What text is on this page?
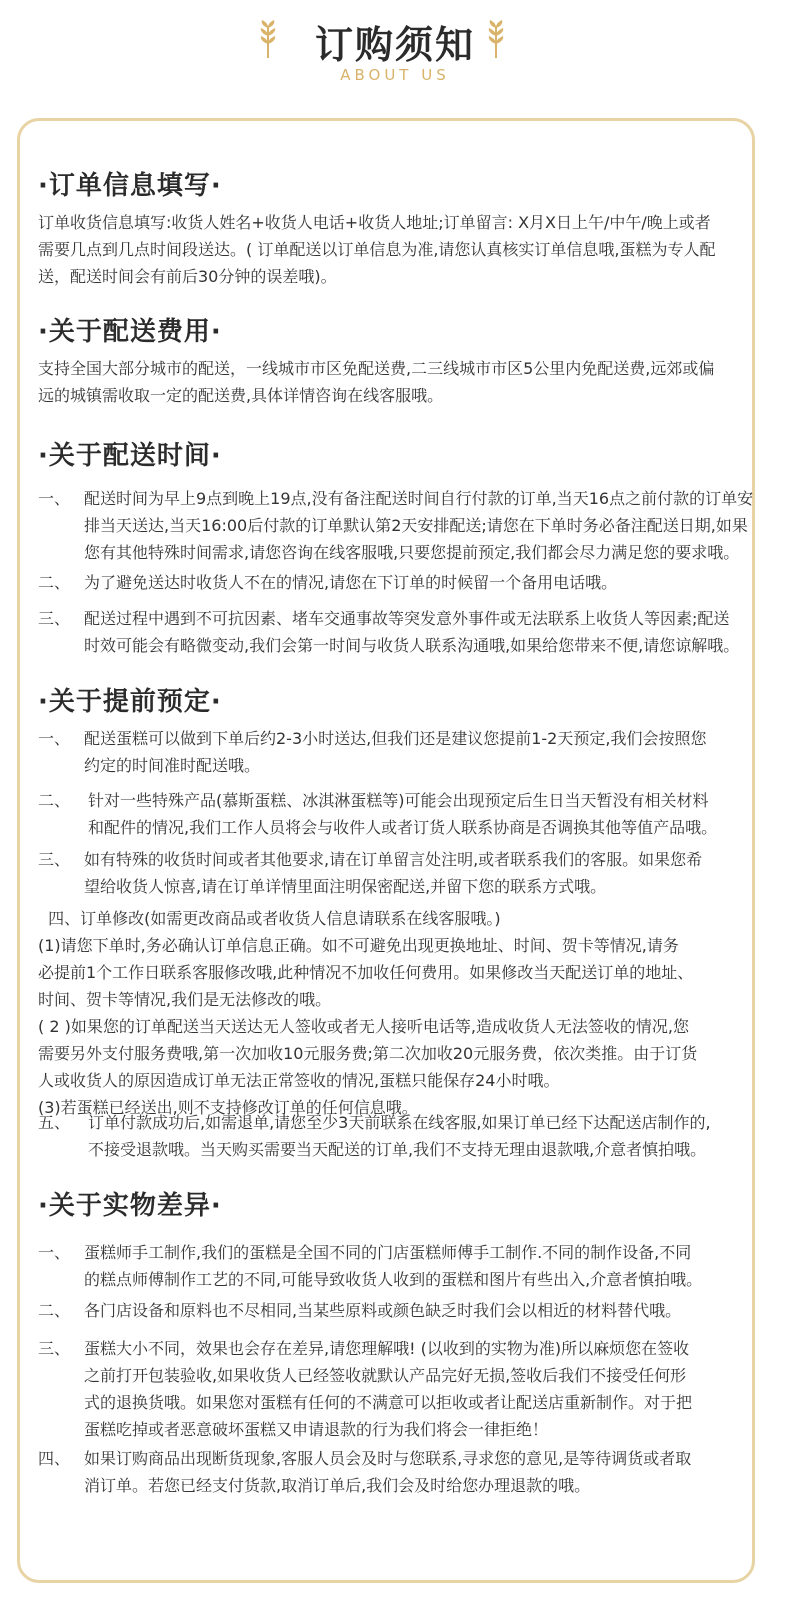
订购须知
ABOUT US
·订单信息填写·
订单收货信息填写:收货人姓名+收货人电话+收货人地址;订单留言: X月X日上午/中午/晚上或者
需要几点到几点时间段送达。( 订单配送以订单信息为准,请您认真核实订单信息哦,蛋糕为专人配
送，配送时间会有前后30分钟的误差哦)。
·关于配送费用·
支持全国大部分城市的配送，一线城市市区免配送费,二三线城市市区5公里内免配送费,远郊或偏
远的城镇需收取一定的配送费,具体详情咨询在线客服哦。
·关于配送时间·
一、 配送时间为早上9点到晚上19点,没有备注配送时间自行付款的订单,当天16点之前付款的订单安
排当天送达,当天16:00后付款的订单默认第2天安排配送;请您在下单时务必备注配送日期,如果
您有其他特殊时间需求,请您咨询在线客服哦,只要您提前预定,我们都会尽力满足您的要求哦。
二、 为了避免送达时收货人不在的情况,请您在下订单的时候留一个备用电话哦。
三、 配送过程中遇到不可抗因素、堵车交通事故等突发意外事件或无法联系上收货人等因素;配送
时效可能会有略微变动,我们会第一时间与收货人联系沟通哦,如果给您带来不便,请您谅解哦。
·关于提前预定·
一、 配送蛋糕可以做到下单后约2-3小时送达,但我们还是建议您提前1-2天预定,我们会按照您
约定的时间准时配送哦。
二、 针对一些特殊产品(慕斯蛋糕、冰淇淋蛋糕等)可能会出现预定后生日当天暂没有相关材料
和配件的情况,我们工作人员将会与收件人或者订货人联系协商是否调换其他等值产品哦。
三、 如有特殊的收货时间或者其他要求,请在订单留言处注明,或者联系我们的客服。如果您希
望给收货人惊喜,请在订单详情里面注明保密配送,并留下您的联系方式哦。
四、订单修改(如需更改商品或者收货人信息请联系在线客服哦。)
(1)请您下单时,务必确认订单信息正确。如不可避免出现更换地址、时间、贺卡等情况,请务
必提前1个工作日联系客服修改哦,此种情况不加收任何费用。如果修改当天配送订单的地址、
时间、贺卡等情况,我们是无法修改的哦。
( 2 )如果您的订单配送当天送达无人签收或者无人接听电话等,造成收货人无法签收的情况,您
需要另外支付服务费哦,第一次加收10元服务费;第二次加收20元服务费，依次类推。由于订货
人或收货人的原因造成订单无法正常签收的情况,蛋糕只能保存24小时哦。
(3)若蛋糕已经送出,则不支持修改订单的任何信息哦。
五、 订单付款成功后,如需退单,请您至少3天前联系在线客服,如果订单已经下达配送店制作的,
不接受退款哦。当天购买需要当天配送的订单,我们不支持无理由退款哦,介意者慎拍哦。
·关于实物差异·
一、 蛋糕师手工制作,我们的蛋糕是全国不同的门店蛋糕师傅手工制作.不同的制作设备,不同
的糕点师傅制作工艺的不同,可能导致收货人收到的蛋糕和图片有些出入,介意者慎拍哦。
二、 各门店设备和原料也不尽相同,当某些原料或颜色缺乏时我们会以相近的材料替代哦。
三、 蛋糕大小不同，效果也会存在差异,请您理解哦! (以收到的实物为准)所以麻烦您在签收
之前打开包装验收,如果收货人已经签收就默认产品完好无损,签收后我们不接受任何形
式的退换货哦。如果您对蛋糕有任何的不满意可以拒收或者让配送店重新制作。对于把
蛋糕吃掉或者恶意破坏蛋糕又申请退款的行为我们将会一律拒绝！
四、 如果订购商品出现断货现象,客服人员会及时与您联系,寻求您的意见,是等待调货或者取
消订单。若您已经支付货款,取消订单后,我们会及时给您办理退款的哦。
